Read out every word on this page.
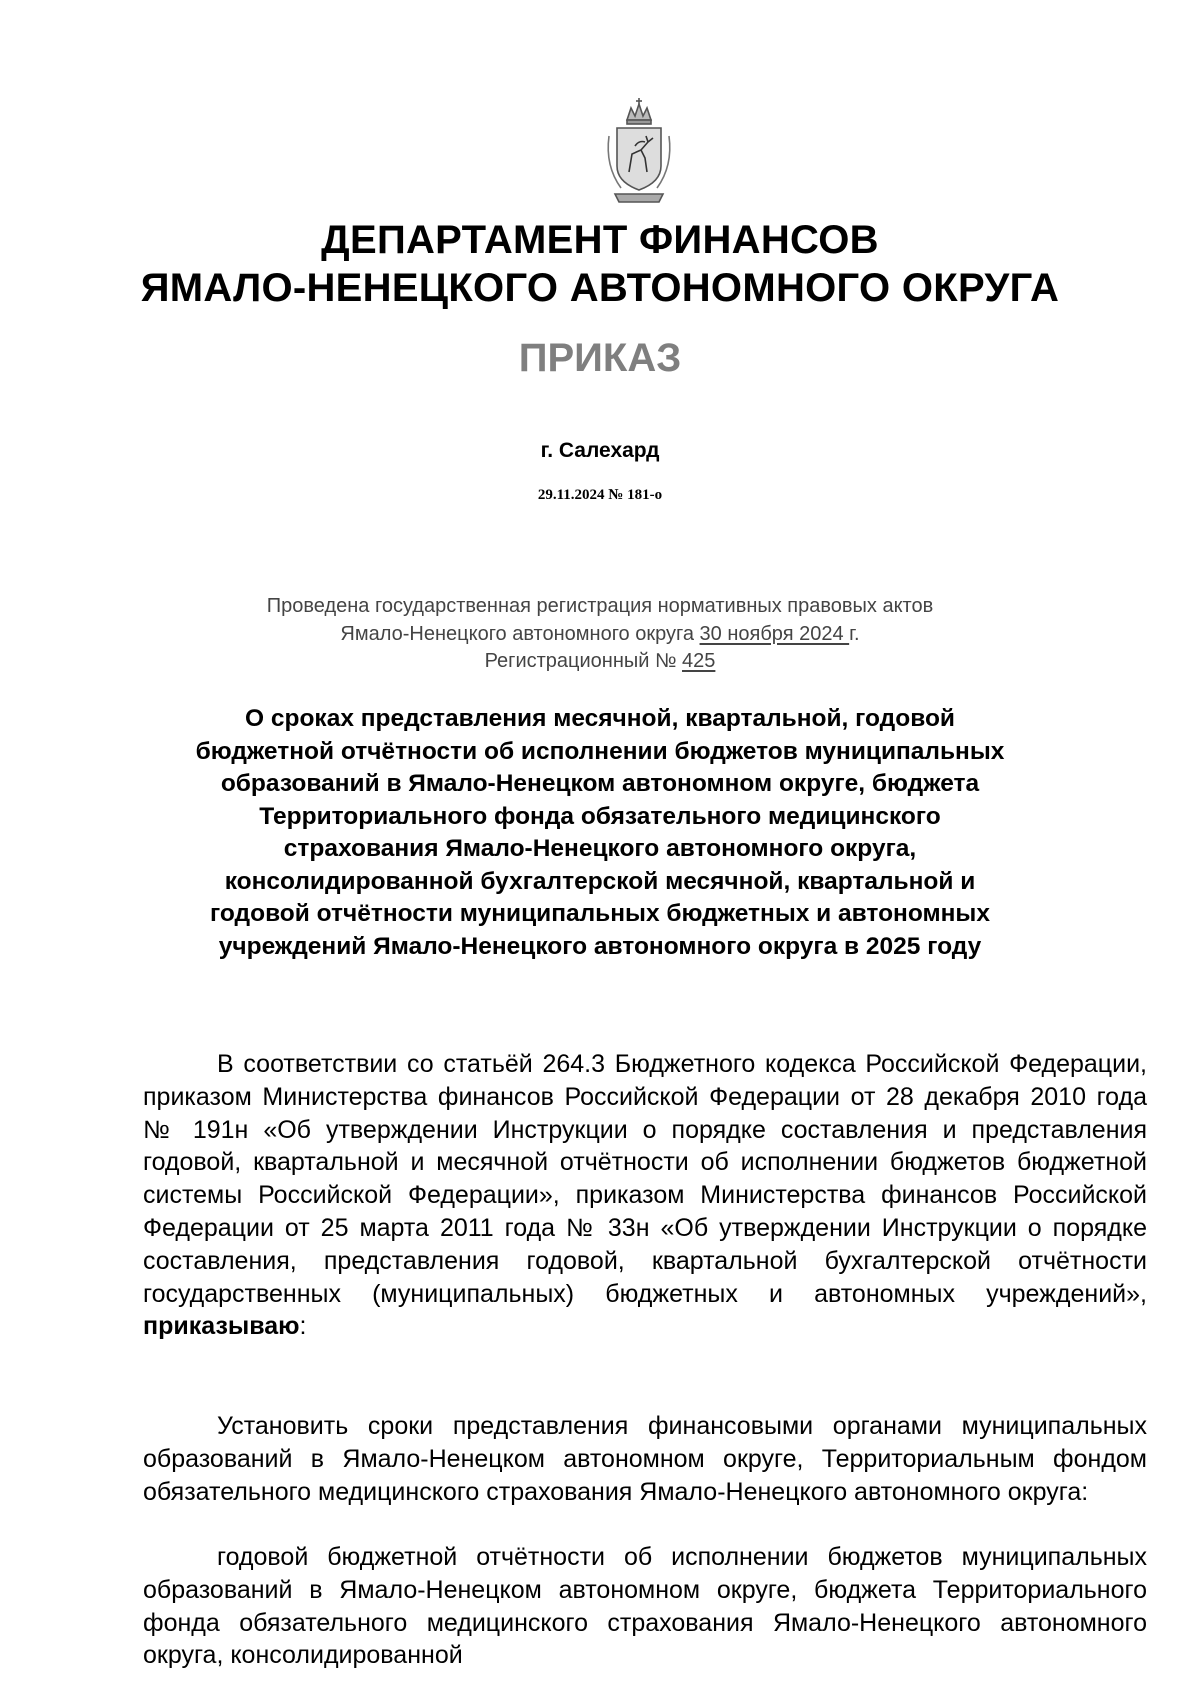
ДЕПАРТАМЕНТ ФИНАНСОВ
ЯМАЛО-НЕНЕЦКОГО АВТОНОМНОГО ОКРУГА
ПРИКАЗ
г. Салехард
29.11.2024 № 181-о
Проведена государственная регистрация нормативных правовых актов
Ямало-Ненецкого автономного округа 30 ноября 2024 г.
Регистрационный № 425
О сроках представления месячной, квартальной, годовой
бюджетной отчётности об исполнении бюджетов муниципальных
образований в Ямало-Ненецком автономном округе, бюджета
Территориального фонда обязательного медицинского
страхования Ямало-Ненецкого автономного округа,
консолидированной бухгалтерской месячной, квартальной и
годовой отчётности муниципальных бюджетных и автономных
учреждений Ямало-Ненецкого автономного округа в 2025 году

В соответствии со статьёй 264.3 Бюджетного кодекса Российской Федерации, приказом Министерства финансов Российской Федерации от 28 декабря 2010 года № 191н «Об утверждении Инструкции о порядке составления и представления годовой, квартальной и месячной отчётности об исполнении бюджетов бюджетной системы Российской Федерации», приказом Министерства финансов Российской Федерации от 25 марта 2011 года № 33н «Об утверждении Инструкции о порядке составления, представления годовой, квартальной бухгалтерской отчётности государственных (муниципальных) бюджетных и автономных учреждений», приказываю:

Установить сроки представления финансовыми органами муниципальных образований в Ямало-Ненецком автономном округе, Территориальным фондом обязательного медицинского страхования Ямало-Ненецкого автономного округа:

годовой бюджетной отчётности об исполнении бюджетов муниципальных образований в Ямало-Ненецком автономном округе, бюджета Территориального фонда обязательного медицинского страхования Ямало-Ненецкого автономного округа, консолидированной
